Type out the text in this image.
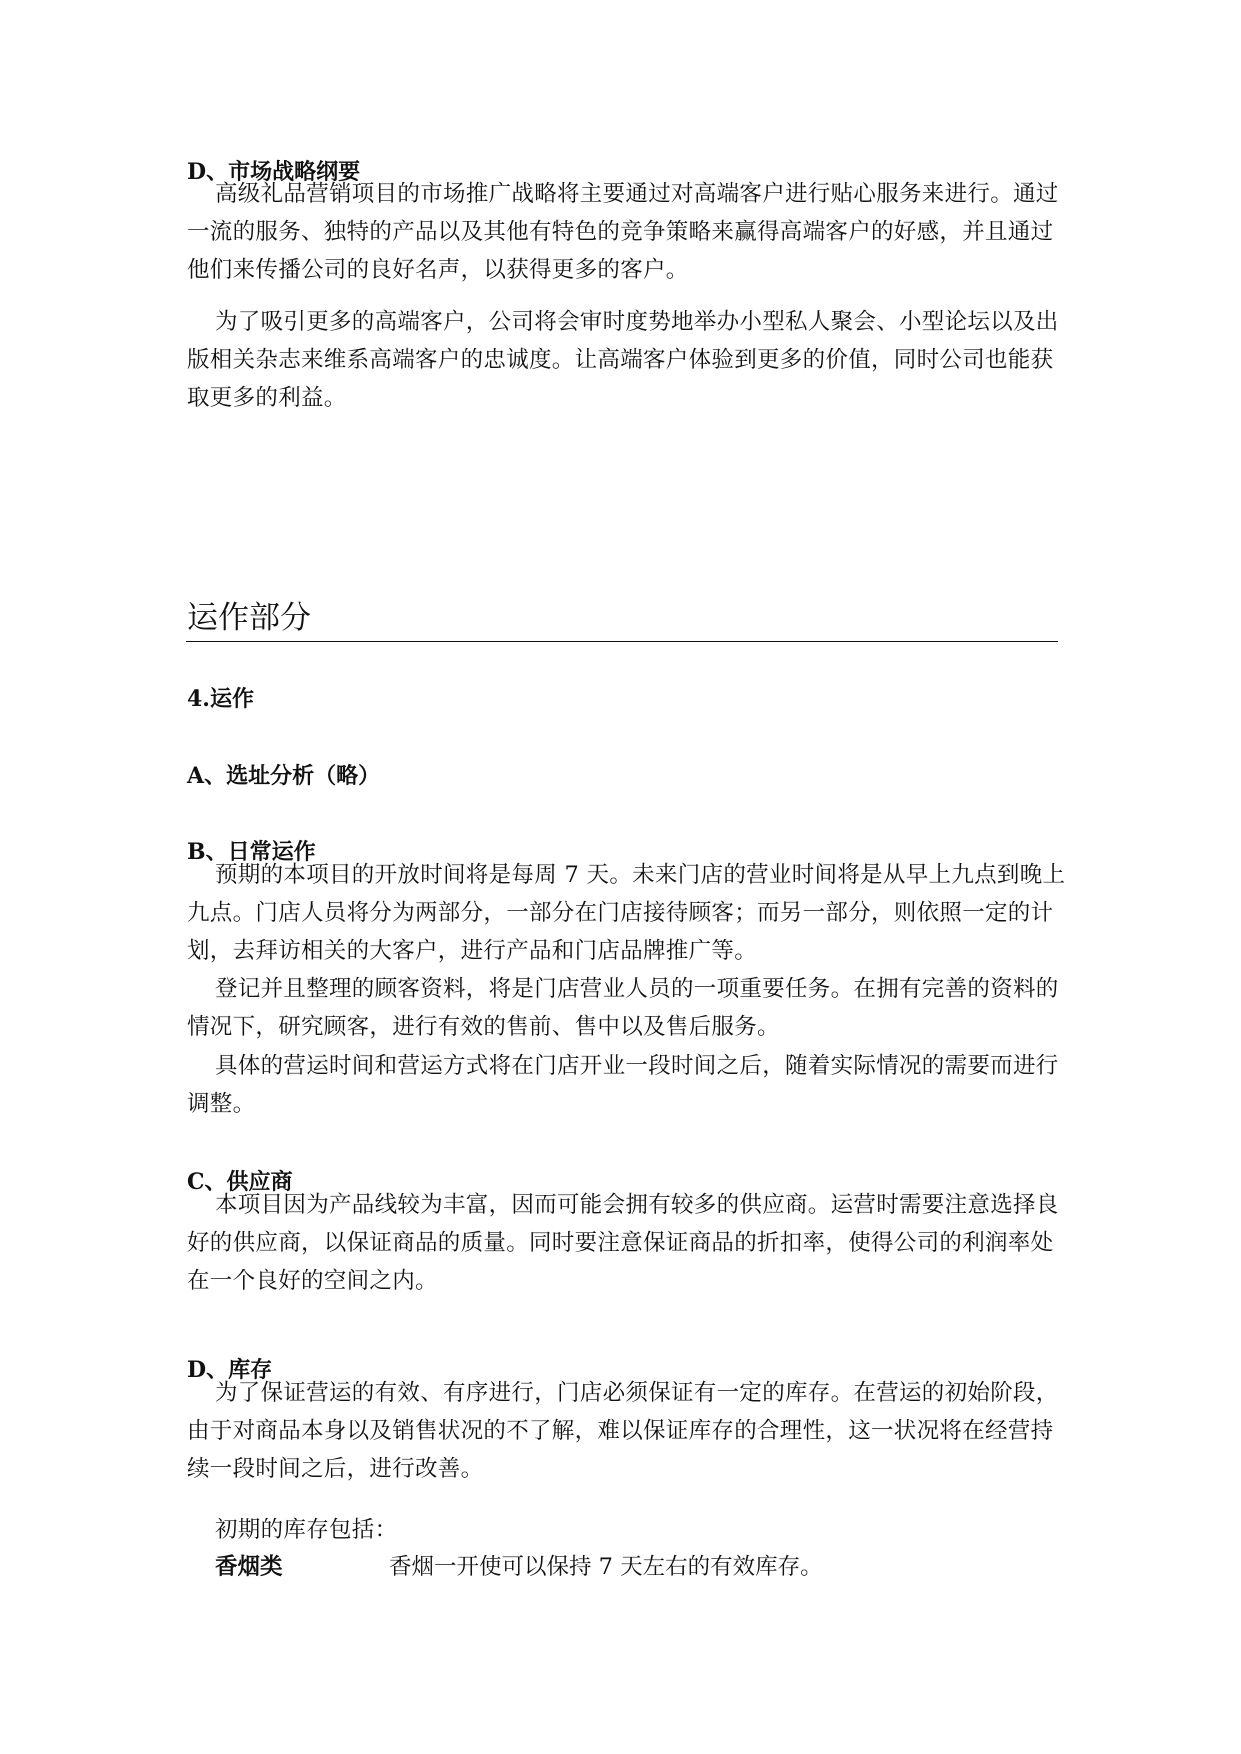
D、市场战略纲要

高级礼品营销项目的市场推广战略将主要通过对高端客户进行贴心服务来进行。通过一流的服务、独特的产品以及其他有特色的竞争策略来赢得高端客户的好感，并且通过他们来传播公司的良好名声，以获得更多的客户。

为了吸引更多的高端客户，公司将会审时度势地举办小型私人聚会、小型论坛以及出版相关杂志来维系高端客户的忠诚度。让高端客户体验到更多的价值，同时公司也能获取更多的利益。

运作部分
4.运作
A、选址分析（略）
B、日常运作

预期的本项目的开放时间将是每周 7 天。未来门店的营业时间将是从早上九点到晚上九点。门店人员将分为两部分，一部分在门店接待顾客；而另一部分，则依照一定的计划，去拜访相关的大客户，进行产品和门店品牌推广等。

登记并且整理的顾客资料，将是门店营业人员的一项重要任务。在拥有完善的资料的情况下，研究顾客，进行有效的售前、售中以及售后服务。

具体的营运时间和营运方式将在门店开业一段时间之后，随着实际情况的需要而进行调整。

C、供应商

本项目因为产品线较为丰富，因而可能会拥有较多的供应商。运营时需要注意选择良好的供应商，以保证商品的质量。同时要注意保证商品的折扣率，使得公司的利润率处在一个良好的空间之内。

D、库存

为了保证营运的有效、有序进行，门店必须保证有一定的库存。在营运的初始阶段，由于对商品本身以及销售状况的不了解，难以保证库存的合理性，这一状况将在经营持续一段时间之后，进行改善。

初期的库存包括：

香烟类	香烟一开使可以保持 7 天左右的有效库存。
